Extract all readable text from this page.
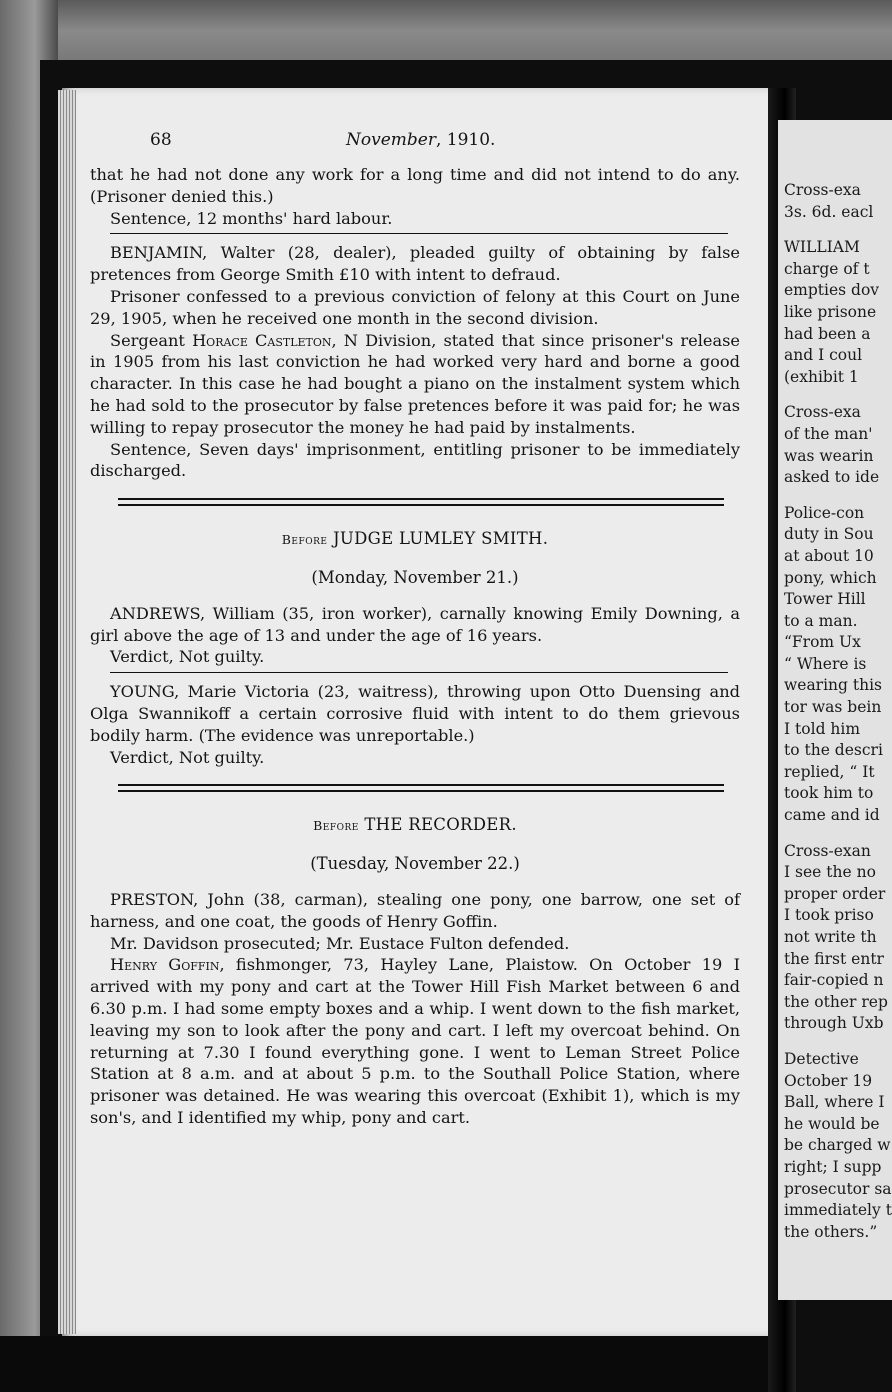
Cross-exa
3s. 6d. eacl
WILLIAM
charge of t
empties dov
like prisone
had been a
and I coul
(exhibit 1
Cross-exa
of the man'
was wearin
asked to ide
Police-con
duty in Sou
at about 10
pony, which
Tower Hill
to a man.
“From Ux
“ Where is
wearing this
tor was bein
I told him
to the descri
replied, “ It
took him to
came and id
Cross-exan
I see the no
proper order
I took priso
not write th
the first entr
fair-copied n
the other rep
through Uxb
Detective
October 19
Ball, where I
he would be
be charged w
right; I supp
prosecutor sa
immediately t
the others.”
68	November, 1910.

that he had not done any work for a long time and did not intend to do any. (Prisoner denied this.)

Sentence, 12 months' hard labour.

BENJAMIN, Walter (28, dealer), pleaded guilty of obtaining by false pretences from George Smith £10 with intent to defraud.

Prisoner confessed to a previous conviction of felony at this Court on June 29, 1905, when he received one month in the second division.

Sergeant Horace Castleton, N Division, stated that since prisoner's release in 1905 from his last conviction he had worked very hard and borne a good character. In this case he had bought a piano on the instalment system which he had sold to the prosecutor by false pretences before it was paid for; he was willing to repay prosecutor the money he had paid by instalments.

Sentence, Seven days' imprisonment, entitling prisoner to be immediately discharged.

Before JUDGE LUMLEY SMITH.
(Monday, November 21.)

ANDREWS, William (35, iron worker), carnally knowing Emily Downing, a girl above the age of 13 and under the age of 16 years.

Verdict, Not guilty.

YOUNG, Marie Victoria (23, waitress), throwing upon Otto Duensing and Olga Swannikoff a certain corrosive fluid with intent to do them grievous bodily harm. (The evidence was unreportable.)

Verdict, Not guilty.

Before THE RECORDER.
(Tuesday, November 22.)

PRESTON, John (38, carman), stealing one pony, one barrow, one set of harness, and one coat, the goods of Henry Goffin.

Mr. Davidson prosecuted; Mr. Eustace Fulton defended.

Henry Goffin, fishmonger, 73, Hayley Lane, Plaistow. On October 19 I arrived with my pony and cart at the Tower Hill Fish Market between 6 and 6.30 p.m. I had some empty boxes and a whip. I went down to the fish market, leaving my son to look after the pony and cart. I left my overcoat behind. On returning at 7.30 I found everything gone. I went to Leman Street Police Station at 8 a.m. and at about 5 p.m. to the Southall Police Station, where prisoner was detained. He was wearing this overcoat (Exhibit 1), which is my son's, and I identified my whip, pony and cart.
